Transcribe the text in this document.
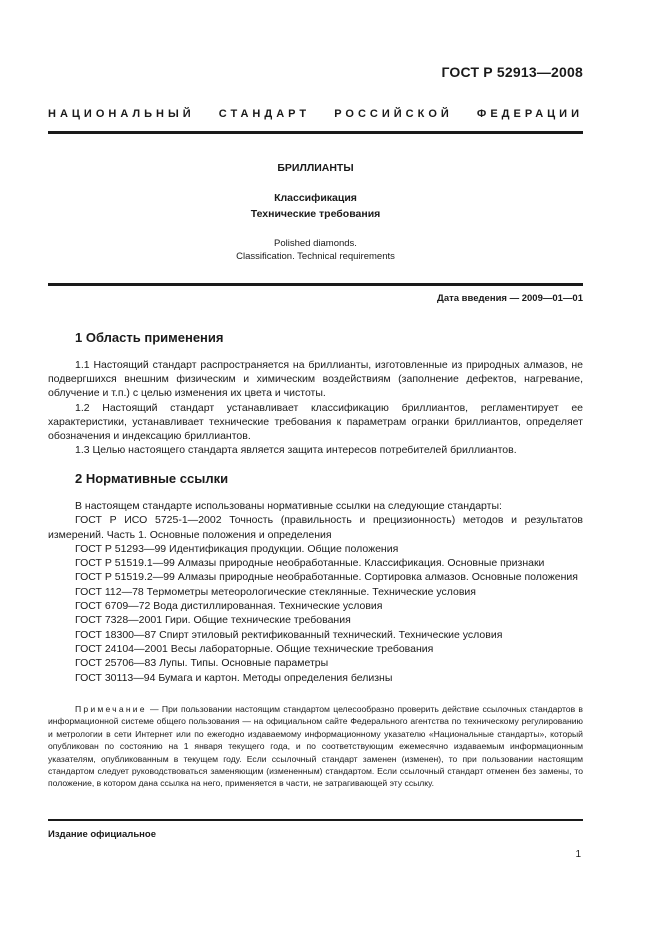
ГОСТ Р 52913—2008
НАЦИОНАЛЬНЫЙ СТАНДАРТ РОССИЙСКОЙ ФЕДЕРАЦИИ
БРИЛЛИАНТЫ
Классификация
Технические требования
Polished diamonds.
Classification. Technical requirements
Дата введения — 2009—01—01
1 Область применения

1.1 Настоящий стандарт распространяется на бриллианты, изготовленные из природных алмазов, не подвергшихся внешним физическим и химическим воздействиям (заполнение дефектов, нагревание, облучение и т.п.) с целью изменения их цвета и чистоты.

1.2 Настоящий стандарт устанавливает классификацию бриллиантов, регламентирует ее характеристики, устанавливает технические требования к параметрам огранки бриллиантов, определяет обозначения и индексацию бриллиантов.

1.3 Целью настоящего стандарта является защита интересов потребителей бриллиантов.

2 Нормативные ссылки

В настоящем стандарте использованы нормативные ссылки на следующие стандарты:

ГОСТ Р ИСО 5725-1—2002 Точность (правильность и прецизионность) методов и результатов измерений. Часть 1. Основные положения и определения

ГОСТ Р 51293—99 Идентификация продукции. Общие положения

ГОСТ Р 51519.1—99 Алмазы природные необработанные. Классификация. Основные признаки

ГОСТ Р 51519.2—99 Алмазы природные необработанные. Сортировка алмазов. Основные положения

ГОСТ 112—78 Термометры метеорологические стеклянные. Технические условия

ГОСТ 6709—72 Вода дистиллированная. Технические условия

ГОСТ 7328—2001 Гири. Общие технические требования

ГОСТ 18300—87 Спирт этиловый ректификованный технический. Технические условия

ГОСТ 24104—2001 Весы лабораторные. Общие технические требования

ГОСТ 25706—83 Лупы. Типы. Основные параметры

ГОСТ 30113—94 Бумага и картон. Методы определения белизны

Примечание — При пользовании настоящим стандартом целесообразно проверить действие ссылочных стандартов в информационной системе общего пользования — на официальном сайте Федерального агентства по техническому регулированию и метрологии в сети Интернет или по ежегодно издаваемому информационному указателю «Национальные стандарты», который опубликован по состоянию на 1 января текущего года, и по соответствующим ежемесячно издаваемым информационным указателям, опубликованным в текущем году. Если ссылочный стандарт заменен (изменен), то при пользовании настоящим стандартом следует руководствоваться заменяющим (измененным) стандартом. Если ссылочный стандарт отменен без замены, то положение, в котором дана ссылка на него, применяется в части, не затрагивающей эту ссылку.

Издание официальное
1
